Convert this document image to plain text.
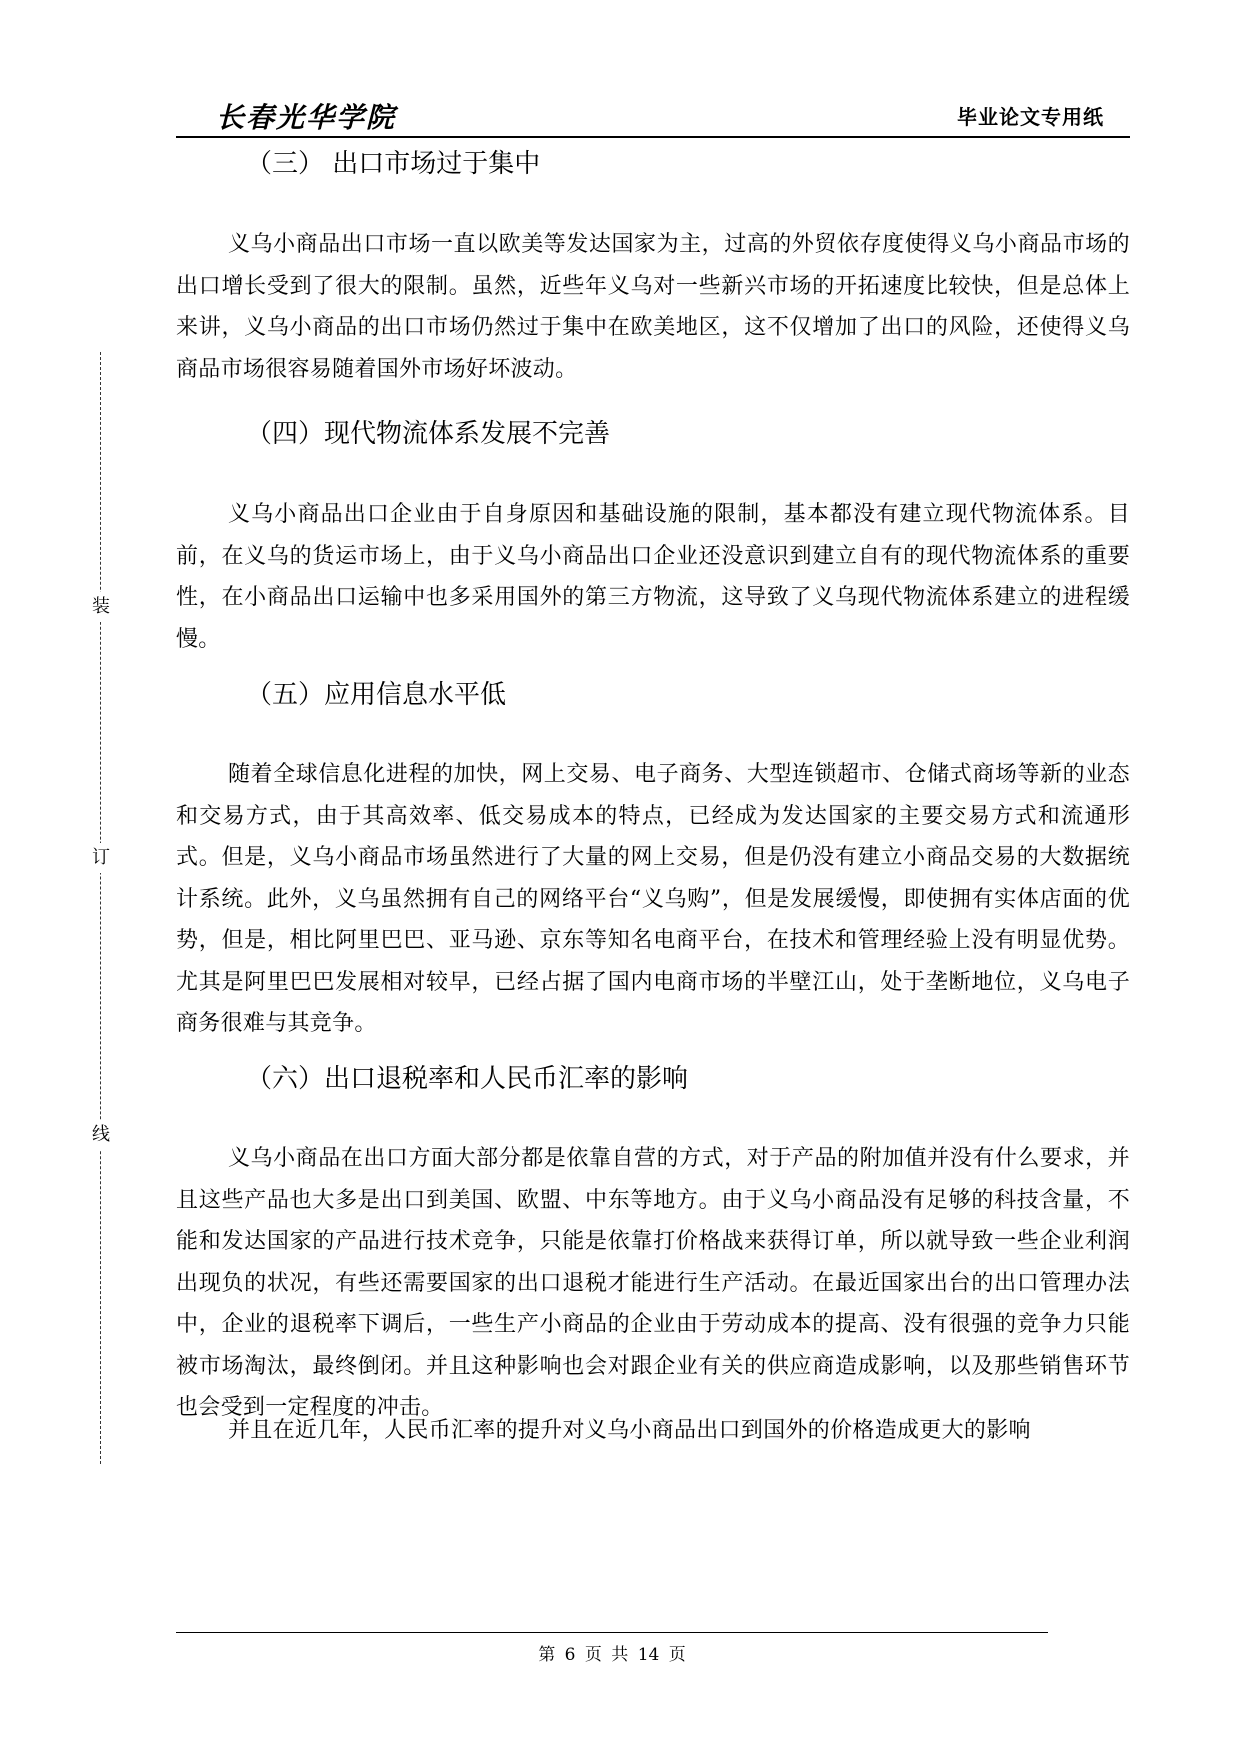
长春光华学院	毕业论文专用纸
装
订
线
（三） 出口市场过于集中

义乌小商品出口市场一直以欧美等发达国家为主，过高的外贸依存度使得义乌小商品市场的出口增长受到了很大的限制。虽然，近些年义乌对一些新兴市场的开拓速度比较快，但是总体上来讲，义乌小商品的出口市场仍然过于集中在欧美地区，这不仅增加了出口的风险，还使得义乌商品市场很容易随着国外市场好坏波动。

（四）现代物流体系发展不完善

义乌小商品出口企业由于自身原因和基础设施的限制，基本都没有建立现代物流体系。目前，在义乌的货运市场上，由于义乌小商品出口企业还没意识到建立自有的现代物流体系的重要性，在小商品出口运输中也多采用国外的第三方物流，这导致了义乌现代物流体系建立的进程缓慢。

（五）应用信息水平低

随着全球信息化进程的加快，网上交易、电子商务、大型连锁超市、仓储式商场等新的业态和交易方式，由于其高效率、低交易成本的特点，已经成为发达国家的主要交易方式和流通形式。但是，义乌小商品市场虽然进行了大量的网上交易，但是仍没有建立小商品交易的大数据统计系统。此外，义乌虽然拥有自己的网络平台“义乌购”，但是发展缓慢，即使拥有实体店面的优势，但是，相比阿里巴巴、亚马逊、京东等知名电商平台，在技术和管理经验上没有明显优势。尤其是阿里巴巴发展相对较早，已经占据了国内电商市场的半壁江山，处于垄断地位，义乌电子商务很难与其竞争。

（六）出口退税率和人民币汇率的影响

义乌小商品在出口方面大部分都是依靠自营的方式，对于产品的附加值并没有什么要求，并且这些产品也大多是出口到美国、欧盟、中东等地方。由于义乌小商品没有足够的科技含量，不能和发达国家的产品进行技术竞争，只能是依靠打价格战来获得订单，所以就导致一些企业利润出现负的状况，有些还需要国家的出口退税才能进行生产活动。在最近国家出台的出口管理办法中，企业的退税率下调后，一些生产小商品的企业由于劳动成本的提高、没有很强的竞争力只能被市场淘汰，最终倒闭。并且这种影响也会对跟企业有关的供应商造成影响，以及那些销售环节也会受到一定程度的冲击。

并且在近几年，人民币汇率的提升对义乌小商品出口到国外的价格造成更大的影响

第 6 页 共 14 页
